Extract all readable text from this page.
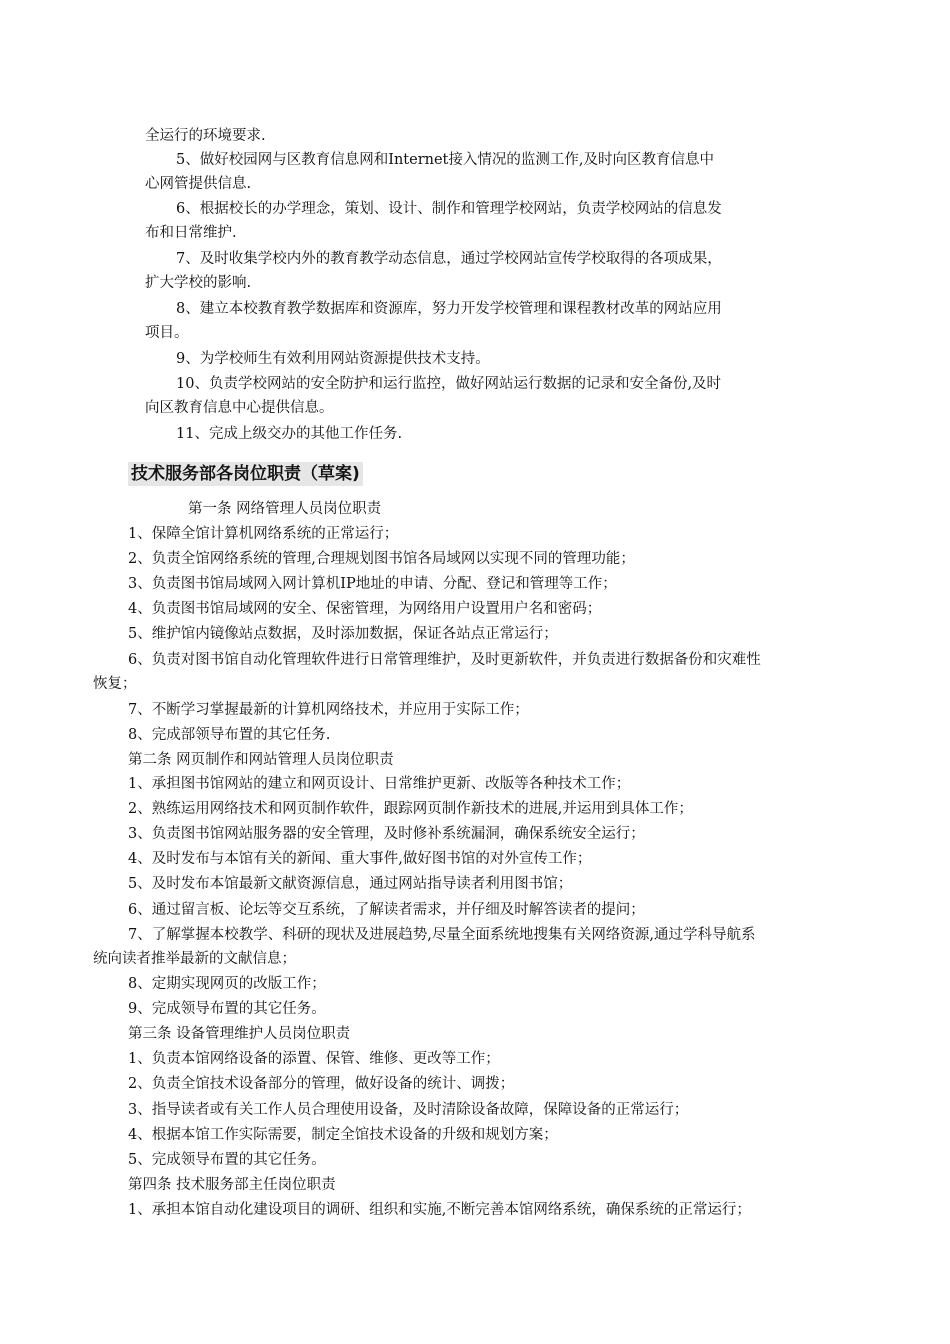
全运行的环境要求.
5、做好校园网与区教育信息网和Internet接入情况的监测工作,及时向区教育信息中
心网管提供信息.
6、根据校长的办学理念，策划、设计、制作和管理学校网站，负责学校网站的信息发
布和日常维护.
7、及时收集学校内外的教育教学动态信息，通过学校网站宣传学校取得的各项成果，
扩大学校的影响.
8、建立本校教育教学数据库和资源库，努力开发学校管理和课程教材改革的网站应用
项目。
9、为学校师生有效利用网站资源提供技术支持。
10、负责学校网站的安全防护和运行监控，做好网站运行数据的记录和安全备份,及时
向区教育信息中心提供信息。
11、完成上级交办的其他工作任务.
技术服务部各岗位职责（草案)
第一条 网络管理人员岗位职责
1、保障全馆计算机网络系统的正常运行；
2、负责全馆网络系统的管理,合理规划图书馆各局域网以实现不同的管理功能；
3、负责图书馆局域网入网计算机IP地址的申请、分配、登记和管理等工作；
4、负责图书馆局域网的安全、保密管理，为网络用户设置用户名和密码；
5、维护馆内镜像站点数据，及时添加数据，保证各站点正常运行；
6、负责对图书馆自动化管理软件进行日常管理维护，及时更新软件，并负责进行数据备份和灾难性
恢复；
7、不断学习掌握最新的计算机网络技术，并应用于实际工作；
8、完成部领导布置的其它任务.
第二条 网页制作和网站管理人员岗位职责
1、承担图书馆网站的建立和网页设计、日常维护更新、改版等各种技术工作；
2、熟练运用网络技术和网页制作软件，跟踪网页制作新技术的进展,并运用到具体工作；
3、负责图书馆网站服务器的安全管理，及时修补系统漏洞，确保系统安全运行；
4、及时发布与本馆有关的新闻、重大事件,做好图书馆的对外宣传工作；
5、及时发布本馆最新文献资源信息，通过网站指导读者利用图书馆；
6、通过留言板、论坛等交互系统，了解读者需求，并仔细及时解答读者的提问；
7、了解掌握本校教学、科研的现状及进展趋势,尽量全面系统地搜集有关网络资源,通过学科导航系
统向读者推举最新的文献信息；
8、定期实现网页的改版工作；
9、完成领导布置的其它任务。
第三条 设备管理维护人员岗位职责
1、负责本馆网络设备的添置、保管、维修、更改等工作；
2、负责全馆技术设备部分的管理，做好设备的统计、调拨；
3、指导读者或有关工作人员合理使用设备，及时清除设备故障，保障设备的正常运行；
4、根据本馆工作实际需要，制定全馆技术设备的升级和规划方案；
5、完成领导布置的其它任务。
第四条 技术服务部主任岗位职责
1、承担本馆自动化建设项目的调研、组织和实施,不断完善本馆网络系统，确保系统的正常运行；
